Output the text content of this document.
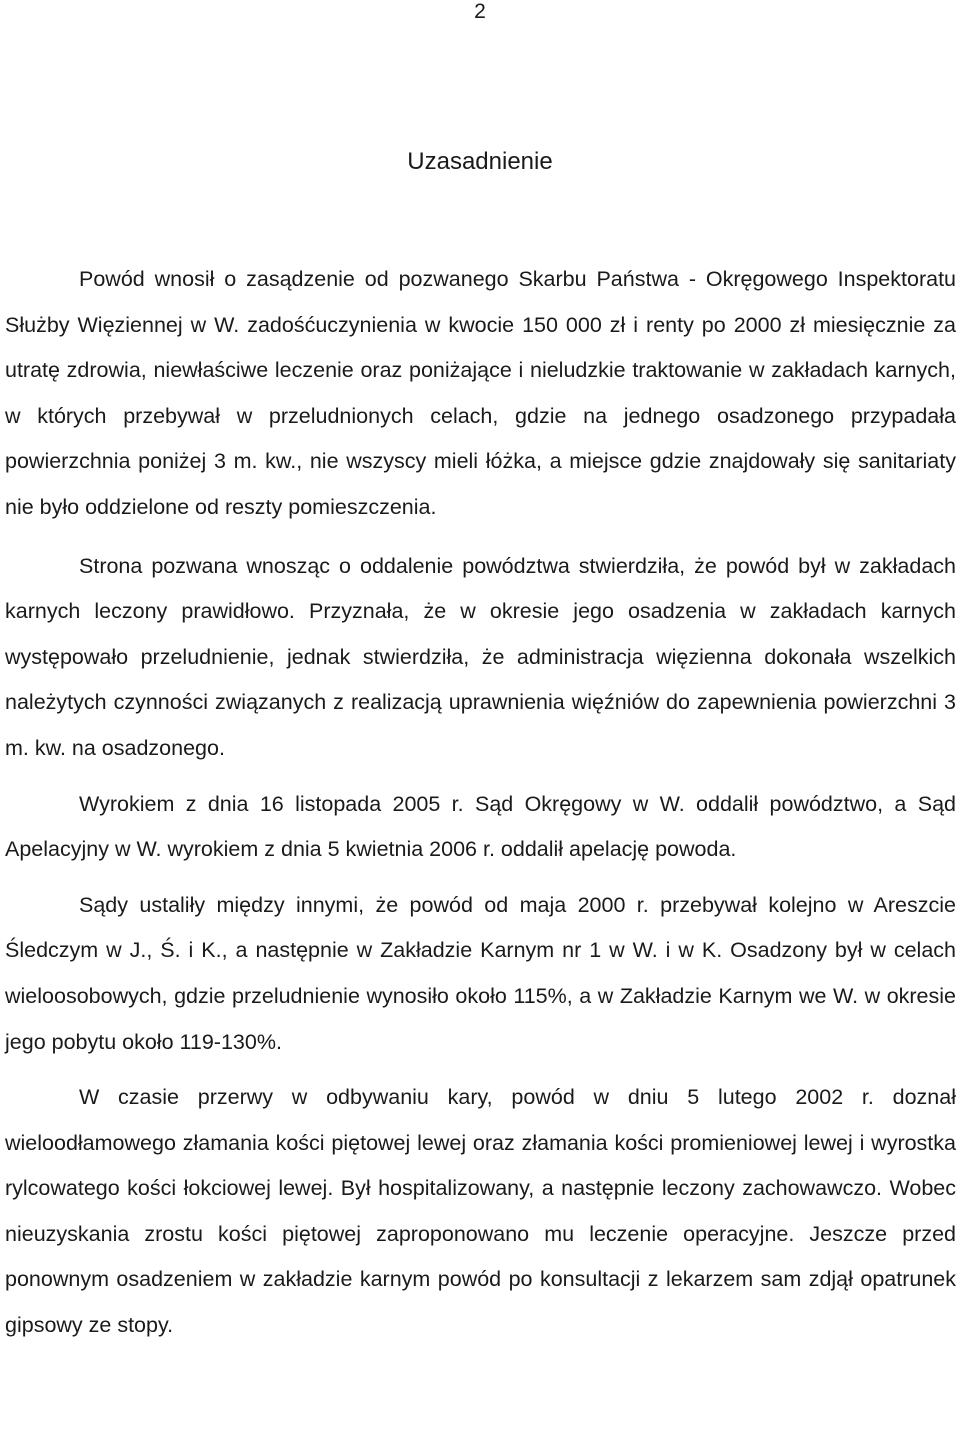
2
Uzasadnienie

Powód wnosił o zasądzenie od pozwanego Skarbu Państwa - Okręgowego Inspektoratu Służby Więziennej w W. zadośćuczynienia w kwocie 150 000 zł i renty po 2000 zł miesięcznie za utratę zdrowia, niewłaściwe leczenie oraz poniżające i nieludzkie traktowanie w zakładach karnych, w których przebywał w przeludnionych celach, gdzie na jednego osadzonego przypadała powierzchnia poniżej 3 m. kw., nie wszyscy mieli łóżka, a miejsce gdzie znajdowały się sanitariaty nie było oddzielone od reszty pomieszczenia.

Strona pozwana wnosząc o oddalenie powództwa stwierdziła, że powód był w zakładach karnych leczony prawidłowo. Przyznała, że w okresie jego osadzenia w zakładach karnych występowało przeludnienie, jednak stwierdziła, że administracja więzienna dokonała wszelkich należytych czynności związanych z realizacją uprawnienia więźniów do zapewnienia powierzchni 3 m. kw. na osadzonego.

Wyrokiem z dnia 16 listopada 2005 r. Sąd Okręgowy w W. oddalił powództwo, a Sąd Apelacyjny w W. wyrokiem z dnia 5 kwietnia 2006 r. oddalił apelację powoda.

Sądy ustaliły między innymi, że powód od maja 2000 r. przebywał kolejno w Areszcie Śledczym w J., Ś. i K., a następnie w Zakładzie Karnym nr 1 w W. i w K. Osadzony był w celach wieloosobowych, gdzie przeludnienie wynosiło około 115%, a w Zakładzie Karnym we W. w okresie jego pobytu około 119-130%.

W czasie przerwy w odbywaniu kary, powód w dniu 5 lutego 2002 r. doznał wieloodłamowego złamania kości piętowej lewej oraz złamania kości promieniowej lewej i wyrostka rylcowatego kości łokciowej lewej. Był hospitalizowany, a następnie leczony zachowawczo. Wobec nieuzyskania zrostu kości piętowej zaproponowano mu leczenie operacyjne. Jeszcze przed ponownym osadzeniem w zakładzie karnym powód po konsultacji z lekarzem sam zdjął opatrunek gipsowy ze stopy.
